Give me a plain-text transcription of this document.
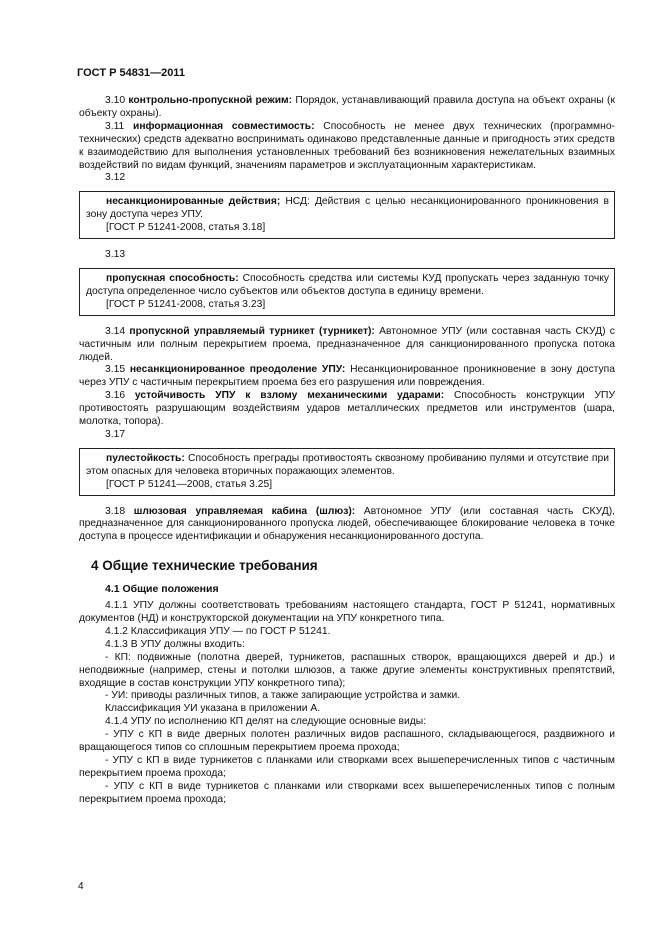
ГОСТ Р 54831—2011

3.10 контрольно-пропускной режим: Порядок, устанавливающий правила доступа на объект охраны (к объекту охраны).

3.11 информационная совместимость: Способность не менее двух технических (программно-технических) средств адекватно воспринимать одинаково представленные данные и пригодность этих средств к взаимодействию для выполнения установленных требований без возникновения нежелательных взаимных воздействий по видам функций, значениям параметров и эксплуатационным характеристикам.

3.12

несанкционированные действия; НСД: Действия с целью несанкционированного проникновения в зону доступа через УПУ.

[ГОСТ Р 51241-2008, статья 3.18]

3.13

пропускная способность: Способность средства или системы КУД пропускать через заданную точку доступа определенное число субъектов или объектов доступа в единицу времени.

[ГОСТ Р 51241-2008, статья 3.23]

3.14 пропускной управляемый турникет (турникет): Автономное УПУ (или составная часть СКУД) с частичным или полным перекрытием проема, предназначенное для санкционированного пропуска потока людей.

3.15 несанкционированное преодоление УПУ: Несанкционированное проникновение в зону доступа через УПУ с частичным перекрытием проема без его разрушения или повреждения.

3.16 устойчивость УПУ к взлому механическими ударами: Способность конструкции УПУ противостоять разрушающим воздействиям ударов металлических предметов или инструментов (шара, молотка, топора).

3.17

пулестойкость: Способность преграды противостоять сквозному пробиванию пулями и отсутствие при этом опасных для человека вторичных поражающих элементов.

[ГОСТ Р 51241—2008, статья 3.25]

3.18 шлюзовая управляемая кабина (шлюз): Автономное УПУ (или составная часть СКУД), предназначенное для санкционированного пропуска людей, обеспечивающее блокирование человека в точке доступа в процессе идентификации и обнаружения несанкционированного доступа.

4 Общие технические требования
4.1 Общие положения

4.1.1 УПУ должны соответствовать требованиям настоящего стандарта, ГОСТ Р 51241, нормативных документов (НД) и конструкторской документации на УПУ конкретного типа.

4.1.2 Классификация УПУ — по ГОСТ Р 51241.

4.1.3 В УПУ должны входить:

- КП: подвижные (полотна дверей, турникетов, распашных створок, вращающихся дверей и др.) и неподвижные (например, стены и потолки шлюзов, а также другие элементы конструктивных препятствий, входящие в состав конструкции УПУ конкретного типа);

- УИ: приводы различных типов, а также запирающие устройства и замки.

Классификация УИ указана в приложении А.

4.1.4 УПУ по исполнению КП делят на следующие основные виды:

- УПУ с КП в виде дверных полотен различных видов распашного, складывающегося, раздвижного и вращающегося типов со сплошным перекрытием проема прохода;

- УПУ с КП в виде турникетов с планками или створками всех вышеперечисленных типов с частичным перекрытием проема прохода;

- УПУ с КП в виде турникетов с планками или створками всех вышеперечисленных типов с полным перекрытием проема прохода;

4
